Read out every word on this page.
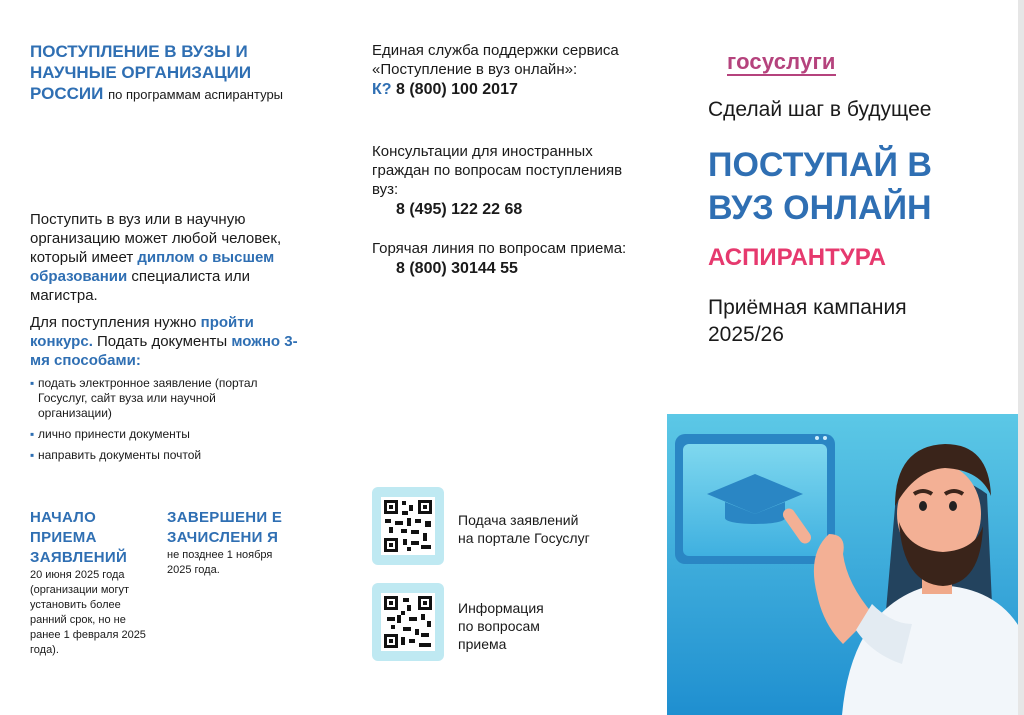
ПОСТУПЛЕНИЕ В ВУЗЫ И НАУЧНЫЕ ОРГАНИЗАЦИИ РОССИИ по программам аспирантуры
Поступить в вуз или в научную организацию может любой человек, который имеет диплом о высшем образовании специалиста или магистра.
Для поступления нужно пройти конкурс. Подать документы можно 3-мя способами:
▪ подать электронное заявление (портал Госуслуг, сайт вуза или научной организации)
▪ лично принести документы
▪ направить документы почтой
НАЧАЛО ПРИЕМА ЗАЯВЛЕНИЙ
20 июня 2025 года (организации могут установить более ранний срок, но не ранее 1 февраля 2025 года).
ЗАВЕРШЕНИ Е ЗАЧИСЛЕНИ Я
не позднее 1 ноября 2025 года.
Единая служба поддержки сервиса «Поступление в вуз онлайн»:
К? 8 (800) 100 2017
Консультации для иностранных граждан по вопросам поступленияв вуз:
8 (495) 122 22 68
Горячая линия по вопросам приема:
8 (800) 30144 55
Подача заявлений
на портале Госуслуг
Информация
по вопросам
приема
госуслуги
Сделай шаг в будущее
ПОСТУПАЙ В
ВУЗ ОНЛАЙН
АСПИРАНТУРА
Приёмная кампания
2025/26
